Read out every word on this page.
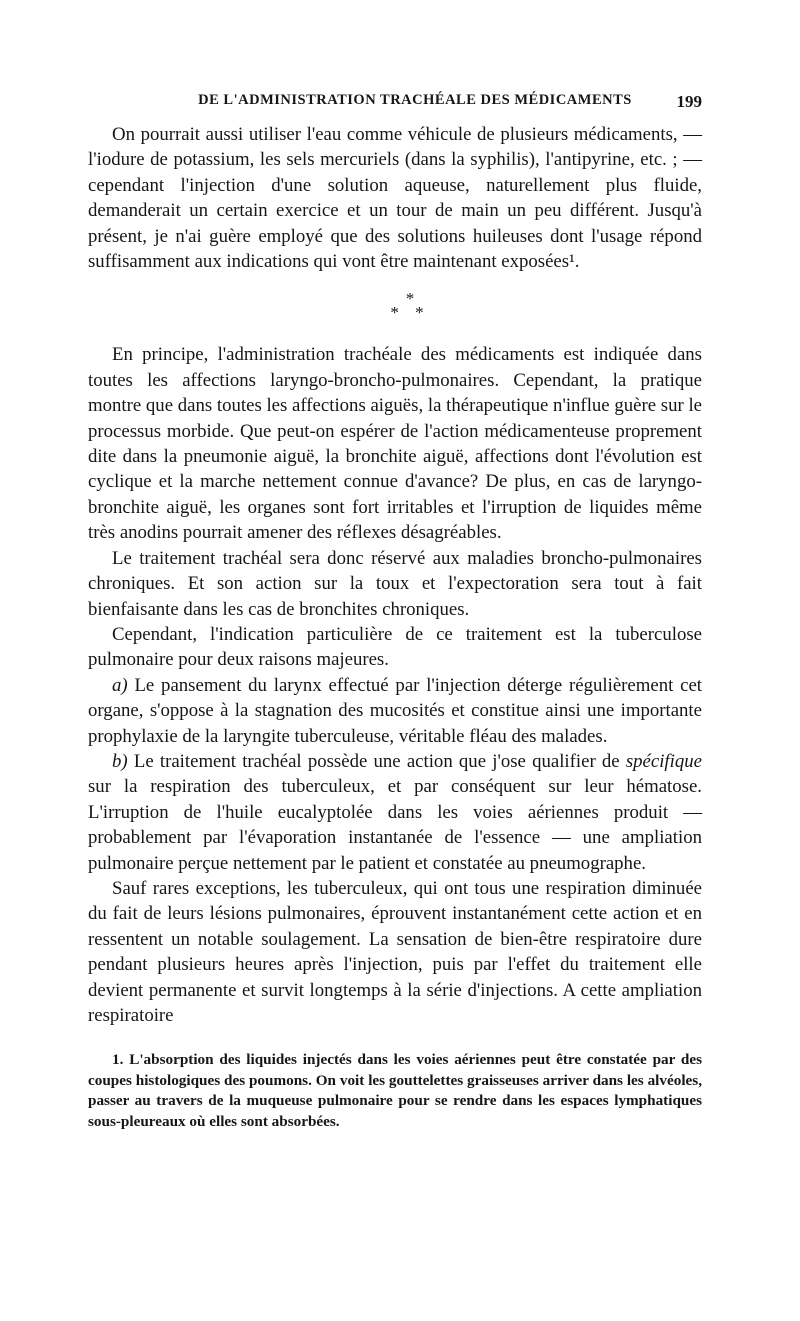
DE L'ADMINISTRATION TRACHÉALE DES MÉDICAMENTS	199

On pourrait aussi utiliser l'eau comme véhicule de plusieurs médicaments, — l'iodure de potassium, les sels mercuriels (dans la syphilis), l'antipyrine, etc. ; — cependant l'injection d'une solution aqueuse, naturellement plus fluide, demanderait un certain exercice et un tour de main un peu différent. Jusqu'à présent, je n'ai guère employé que des solutions huileuses dont l'usage répond suffisamment aux indications qui vont être maintenant exposées¹.

*
* *

En principe, l'administration trachéale des médicaments est indiquée dans toutes les affections laryngo-broncho-pulmonaires. Cependant, la pratique montre que dans toutes les affections aiguës, la thérapeutique n'influe guère sur le processus morbide. Que peut-on espérer de l'action médicamenteuse proprement dite dans la pneumonie aiguë, la bronchite aiguë, affections dont l'évolution est cyclique et la marche nettement connue d'avance? De plus, en cas de laryngo-bronchite aiguë, les organes sont fort irritables et l'irruption de liquides même très anodins pourrait amener des réflexes désagréables.

Le traitement trachéal sera donc réservé aux maladies broncho-pulmonaires chroniques. Et son action sur la toux et l'expectoration sera tout à fait bienfaisante dans les cas de bronchites chroniques.

Cependant, l'indication particulière de ce traitement est la tuberculose pulmonaire pour deux raisons majeures.

a) Le pansement du larynx effectué par l'injection déterge régulièrement cet organe, s'oppose à la stagnation des mucosités et constitue ainsi une importante prophylaxie de la laryngite tuberculeuse, véritable fléau des malades.

b) Le traitement trachéal possède une action que j'ose qualifier de spécifique sur la respiration des tuberculeux, et par conséquent sur leur hématose. L'irruption de l'huile eucalyptolée dans les voies aériennes produit — probablement par l'évaporation instantanée de l'essence — une ampliation pulmonaire perçue nettement par le patient et constatée au pneumographe.

Sauf rares exceptions, les tuberculeux, qui ont tous une respiration diminuée du fait de leurs lésions pulmonaires, éprouvent instantanément cette action et en ressentent un notable soulagement. La sensation de bien-être respiratoire dure pendant plusieurs heures après l'injection, puis par l'effet du traitement elle devient permanente et survit longtemps à la série d'injections. A cette ampliation respiratoire

1. L'absorption des liquides injectés dans les voies aériennes peut être constatée par des coupes histologiques des poumons. On voit les gouttelettes graisseuses arriver dans les alvéoles, passer au travers de la muqueuse pulmonaire pour se rendre dans les espaces lymphatiques sous-pleureaux où elles sont absorbées.
